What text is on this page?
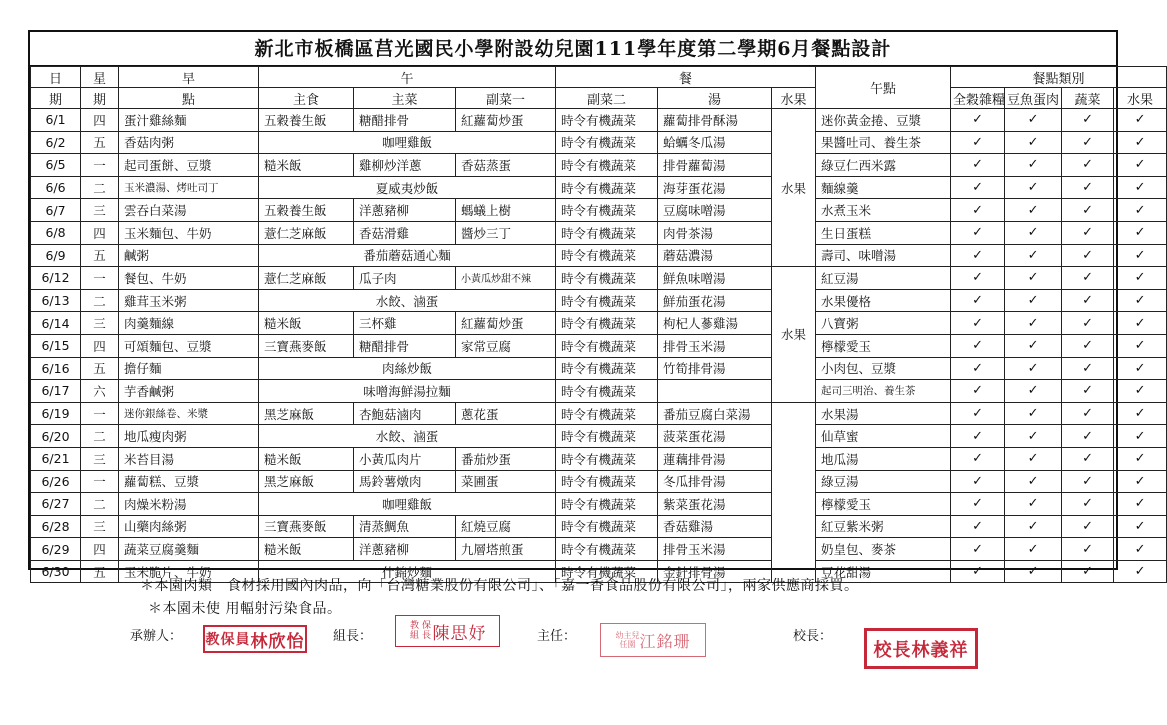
新北市板橋區莒光國民小學附設幼兒園111學年度第二學期6月餐點設計
日	星	早	午			餐			午點	餐點類別			
期	期	點	主食	主菜	副菜一	副菜二	湯	水果		全穀雜糧	豆魚蛋肉	蔬菜	水果
6/1	四	蛋汁雞絲麵	五穀養生飯	糖醋排骨	紅蘿蔔炒蛋	時令有機蔬菜	蘿蔔排骨酥湯	水果	迷你黃金捲、豆漿	✓	✓	✓	✓
6/2	五	香菇肉粥	咖哩雞飯			時令有機蔬菜	蛤蠣冬瓜湯		果醬吐司、養生茶	✓	✓	✓	✓
6/5	一	起司蛋餅、豆漿	糙米飯	雞柳炒洋蔥	香菇蒸蛋	時令有機蔬菜	排骨蘿蔔湯		綠豆仁西米露	✓	✓	✓	✓
6/6	二	玉米濃湯、烤吐司丁	夏威夷炒飯			時令有機蔬菜	海芽蛋花湯		麵線羹	✓	✓	✓	✓
6/7	三	雲吞白菜湯	五穀養生飯	洋蔥豬柳	螞蟻上樹	時令有機蔬菜	豆腐味噌湯		水煮玉米	✓	✓	✓	✓
6/8	四	玉米麵包、牛奶	薏仁芝麻飯	香菇滑雞	醬炒三丁	時令有機蔬菜	肉骨茶湯		生日蛋糕	✓	✓	✓	✓
6/9	五	鹹粥	番茄蘑菇通心麵			時令有機蔬菜	蘑菇濃湯		壽司、味噌湯	✓	✓	✓	✓
6/12	一	餐包、牛奶	薏仁芝麻飯	瓜子肉	小黃瓜炒甜不辣	時令有機蔬菜	鮮魚味噌湯	水果	紅豆湯	✓	✓	✓	✓
6/13	二	雞茸玉米粥	水餃、滷蛋			時令有機蔬菜	鮮茄蛋花湯		水果優格	✓	✓	✓	✓
6/14	三	肉羹麵線	糙米飯	三杯雞	紅蘿蔔炒蛋	時令有機蔬菜	枸杞人蔘雞湯		八寶粥	✓	✓	✓	✓
6/15	四	可頌麵包、豆漿	三寶燕麥飯	糖醋排骨	家常豆腐	時令有機蔬菜	排骨玉米湯		檸檬愛玉	✓	✓	✓	✓
6/16	五	擔仔麵	肉絲炒飯			時令有機蔬菜	竹筍排骨湯		小肉包、豆漿	✓	✓	✓	✓
6/17	六	芋香鹹粥	味噌海鮮湯拉麵			時令有機蔬菜			起司三明治、養生茶	✓	✓	✓	✓
6/19	一	迷你銀絲卷、米漿	黑芝麻飯	杏鮑菇滷肉	蔥花蛋	時令有機蔬菜	番茄豆腐白菜湯		水果湯	✓	✓	✓	✓
6/20	二	地瓜瘦肉粥	水餃、滷蛋			時令有機蔬菜	菠菜蛋花湯		仙草蜜	✓	✓	✓	✓
6/21	三	米苔目湯	糙米飯	小黃瓜肉片	番茄炒蛋	時令有機蔬菜	蓮藕排骨湯		地瓜湯	✓	✓	✓	✓
6/26	一	蘿蔔糕、豆漿	黑芝麻飯	馬鈴薯燉肉	菜圃蛋	時令有機蔬菜	冬瓜排骨湯		綠豆湯	✓	✓	✓	✓
6/27	二	肉燥米粉湯	咖哩雞飯			時令有機蔬菜	紫菜蛋花湯		檸檬愛玉	✓	✓	✓	✓
6/28	三	山藥肉絲粥	三寶燕麥飯	清蒸鯛魚	紅燒豆腐	時令有機蔬菜	香菇雞湯		紅豆紫米粥	✓	✓	✓	✓
6/29	四	蔬菜豆腐羹麵	糙米飯	洋蔥豬柳	九層塔煎蛋	時令有機蔬菜	排骨玉米湯		奶皇包、麥茶	✓	✓	✓	✓
6/30	五	玉米脆片、牛奶	什錦炒麵			時令有機蔬菜	金針排骨湯		豆花甜湯	✓	✓	✓	✓
＊本園肉類　食材採用國內肉品，向「台灣糖業股份有限公司」、「嘉一香食品股份有限公司」，兩家供應商採買。
＊本園未使 用輻射污染食品。
承辦人： 教保員 林欣怡 組長：
教組
保長 陳思妤	主任：	幼主兒任園 江銘珊	校長：
校長林義祥
